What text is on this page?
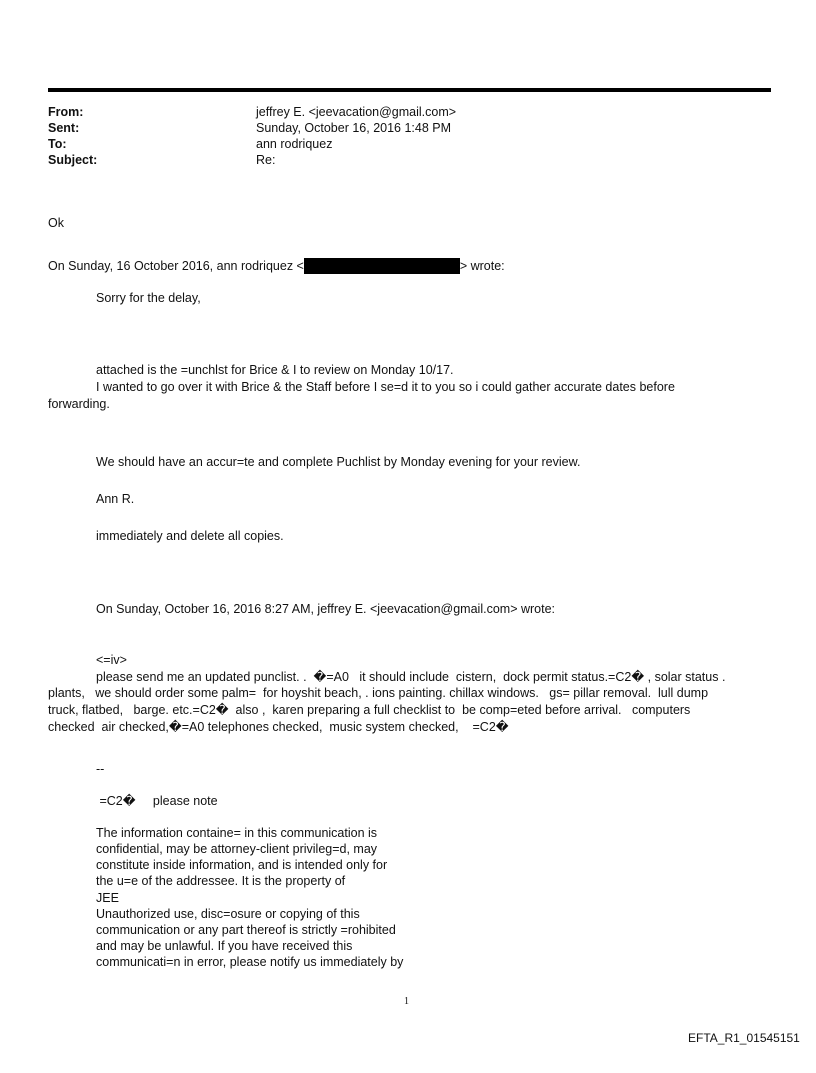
From:	jeffrey E. <jeevacation@gmail.com>
Sent:	Sunday, October 16, 2016 1:48 PM
To:	ann rodriquez
Subject:	Re:
Ok
On Sunday, 16 October 2016, ann rodriquez <	> wrote:
Sorry for the delay,
attached is the =unchlst for Brice & I to review on Monday 10/17.
I wanted to go over it with Brice & the Staff before I se=d it to you so i could gather accurate dates before
forwarding.
We should have an accur=te and complete Puchlist by Monday evening for your review.
Ann R.
immediately and delete all copies.
On Sunday, October 16, 2016 8:27 AM, jeffrey E. <jeevacation@gmail.com> wrote:
<=iv>
please send me an updated punclist. .  �=A0   it should include  cistern,  dock permit status.=C2� , solar status .
plants,   we should order some palm=  for hoyshit beach, . ions painting. chillax windows.   gs= pillar removal.  lull dump
truck, flatbed,   barge. etc.=C2�  also ,  karen preparing a full checklist to  be comp=eted before arrival.   computers
checked  air checked,�=A0 telephones checked,  music system checked,    =C2�
--
=C2�     please note
The information containe= in this communication is
confidential, may be attorney-client privileg=d, may
constitute inside information, and is intended only for
the u=e of the addressee. It is the property of
JEE
Unauthorized use, disc=osure or copying of this
communication or any part thereof is strictly =rohibited
and may be unlawful. If you have received this
communicati=n in error, please notify us immediately by
1
EFTA_R1_01545151
